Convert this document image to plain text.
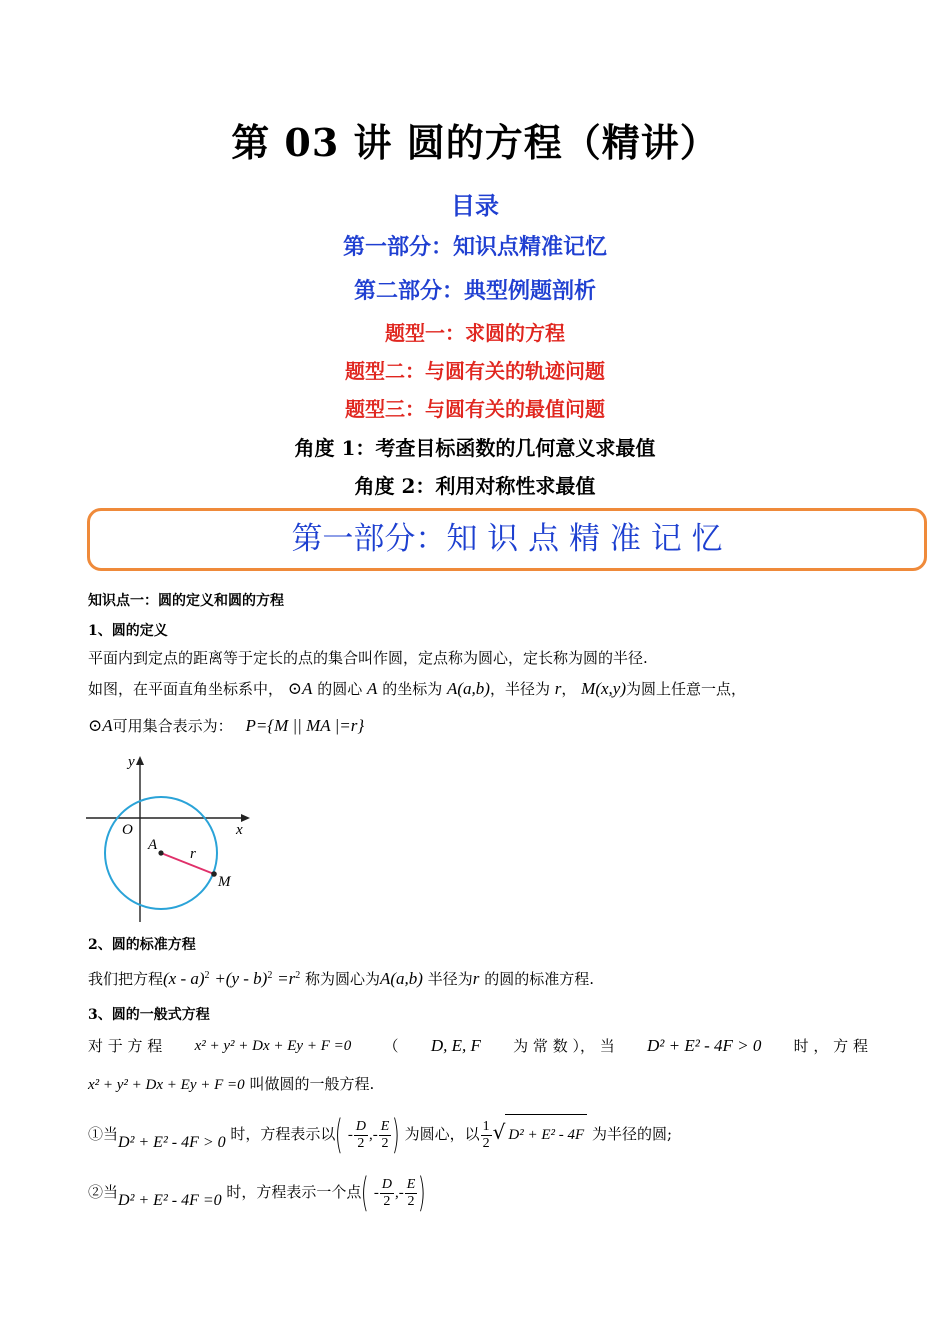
第 03 讲 圆的方程（精讲）
目录
第一部分：知识点精准记忆
第二部分：典型例题剖析
题型一：求圆的方程
题型二：与圆有关的轨迹问题
题型三：与圆有关的最值问题
角度 1：考查目标函数的几何意义求最值
角度 2：利用对称性求最值
第一部分：知 识 点 精 准 记 忆
知识点一：圆的定义和圆的方程
1、圆的定义
平面内到定点的距离等于定长的点的集合叫作圆，定点称为圆心，定长称为圆的半径.
如图，在平面直角坐标系中， ⊙A 的圆心 A 的坐标为 A(a,b)，半径为 r， M(x,y)为圆上任意一点，
⊙A可用集合表示为： P={M || MA |=r}
y
x
O
A
r
M
2、圆的标准方程
我们把方程$(x - a)^2 +(y - b)^2 =r^2$ 称为圆心为A(a,b) 半径为r 的圆的标准方程.
3、圆的一般式方程
对 于 方 程 x² + y² + Dx + Ey + F =0 （ D, E, F 为 常 数 ）， 当 D² + E² - 4F > 0 时 ， 方 程
x² + y² + Dx + Ey + F =0 叫做圆的一般方程.
①当D² + E² - 4F > 0 时，方程表示以( - $\frac{D}{2}$ ,- $\frac{E}{2}$ ) 为圆心，以 $\frac{1}{2}$ √ D² + E² - 4F 为半径的圆;
②当D² + E² - 4F =0 时，方程表示一个点( - $\frac{D}{2}$ ,- $\frac{E}{2}$ )
